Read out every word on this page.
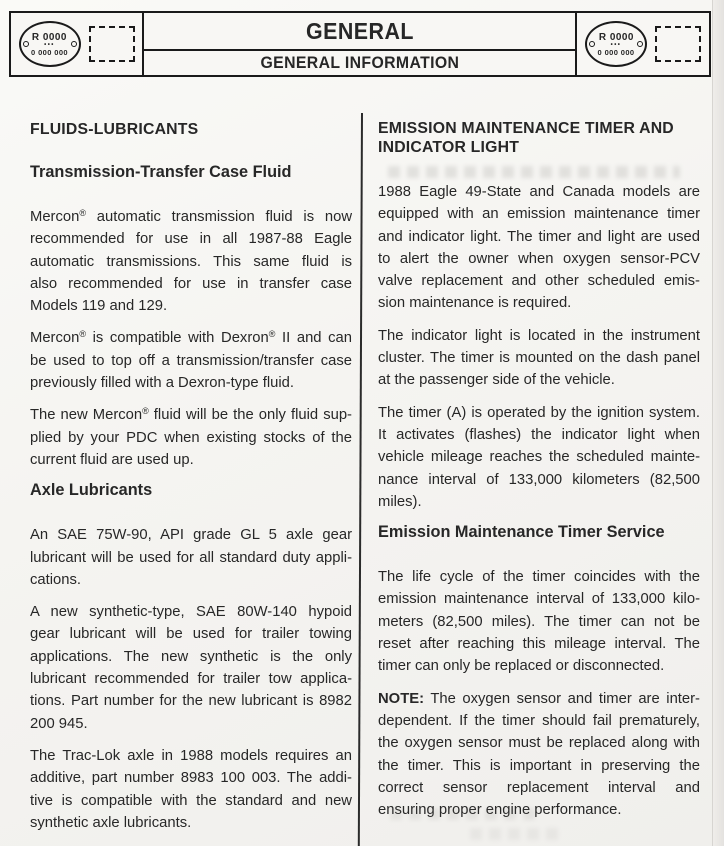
R 0000
•••
0 000 000
GENERAL
GENERAL INFORMATION
R 0000
•••
0 000 000
FLUIDS-LUBRICANTS
Transmission-Transfer Case Fluid
Mercon® automatic transmission fluid is now
recommended for use in all 1987-88 Eagle
automatic transmissions. This same fluid is
also recommended for use in transfer case
Models 119 and 129.
Mercon® is compatible with Dexron® II and can
be used to top off a transmission/transfer case
previously filled with a Dexron-type fluid.
The new Mercon® fluid will be the only fluid sup-
plied by your PDC when existing stocks of the
current fluid are used up.
Axle Lubricants
An SAE 75W-90, API grade GL 5 axle gear
lubricant will be used for all standard duty appli-
cations.
A new synthetic-type, SAE 80W-140 hypoid
gear lubricant will be used for trailer towing
applications. The new synthetic is the only
lubricant recommended for trailer tow applica-
tions. Part number for the new lubricant is 8982
200 945.
The Trac-Lok axle in 1988 models requires an
additive, part number 8983 100 003. The addi-
tive is compatible with the standard and new
synthetic axle lubricants.
EMISSION MAINTENANCE TIMER AND
INDICATOR LIGHT
1988 Eagle 49-State and Canada models are
equipped with an emission maintenance timer
and indicator light. The timer and light are used
to alert the owner when oxygen sensor-PCV
valve replacement and other scheduled emis-
sion maintenance is required.
The indicator light is located in the instrument
cluster. The timer is mounted on the dash panel
at the passenger side of the vehicle.
The timer (A) is operated by the ignition system.
It activates (flashes) the indicator light when
vehicle mileage reaches the scheduled mainte-
nance interval of 133,000 kilometers (82,500
miles).
Emission Maintenance Timer Service
The life cycle of the timer coincides with the
emission maintenance interval of 133,000 kilo-
meters (82,500 miles). The timer can not be
reset after reaching this mileage interval. The
timer can only be replaced or disconnected.
NOTE: The oxygen sensor and timer are inter-
dependent. If the timer should fail prematurely,
the oxygen sensor must be replaced along with
the timer. This is important in preserving the
correct sensor replacement interval and
ensuring proper engine performance.
